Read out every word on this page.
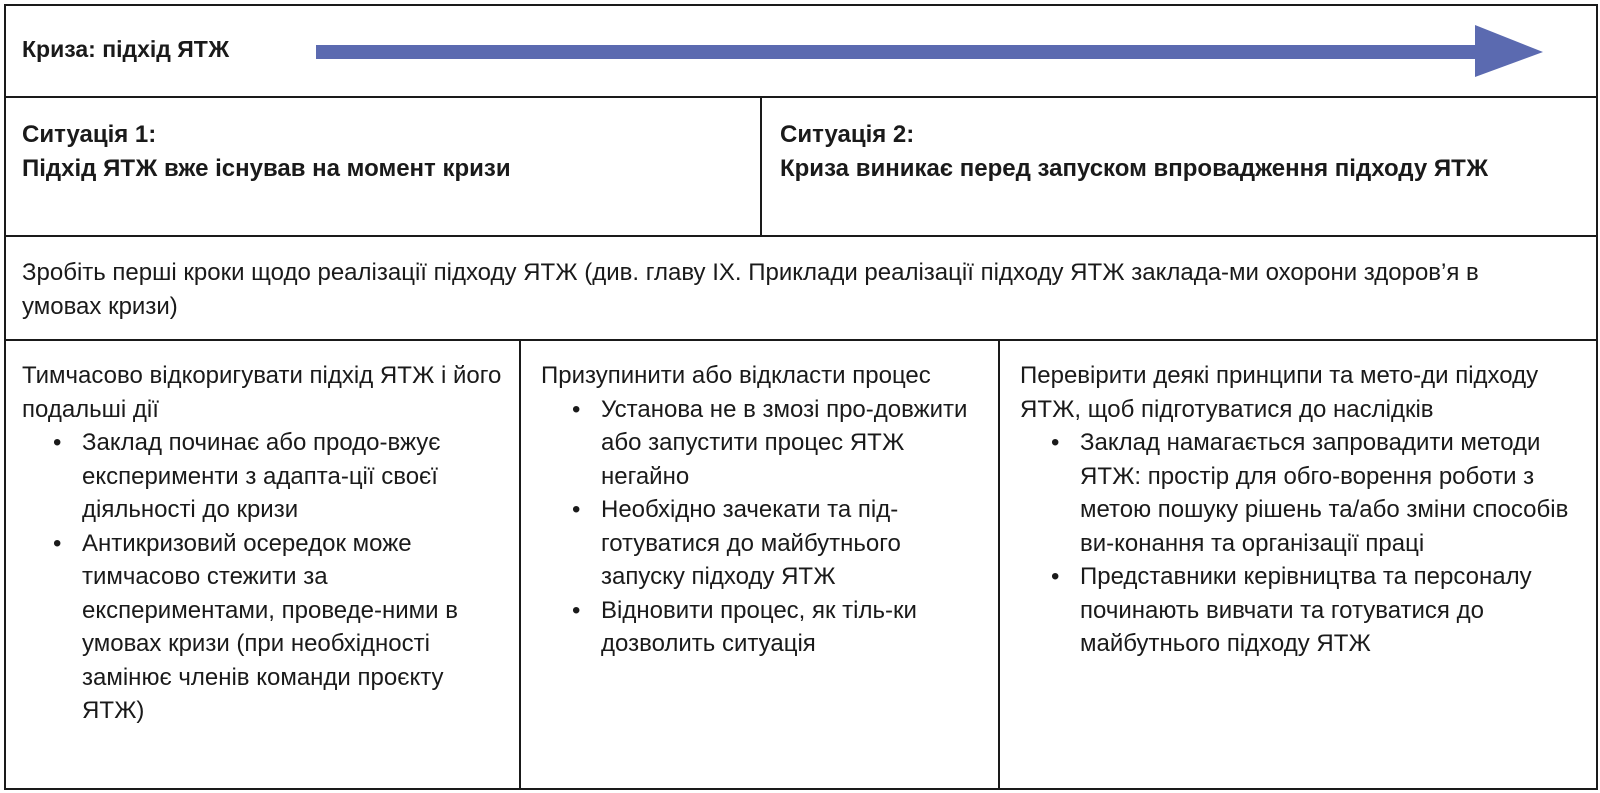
Криза: підхід ЯТЖ
Ситуація 1:
Підхід ЯТЖ вже існував на момент кризи
Ситуація 2:
Криза виникає перед запуском впровадження підходу ЯТЖ
Зробіть перші кроки щодо реалізації підходу ЯТЖ (див. главу IX. Приклади реалізації підходу ЯТЖ заклада-ми охорони здоров’я в умовах кризи)
Тимчасово відкоригувати підхід ЯТЖ і його подальші дії
• Заклад починає або продо-вжує експерименти з адапта-ції своєї діяльності до кризи
• Антикризовий осередок може тимчасово стежити за експериментами, проведе-ними в умовах кризи (при необхідності замінює членів команди проєкту ЯТЖ)
Призупинити або відкласти процес
• Установа не в змозі про-довжити або запустити процес ЯТЖ негайно
• Необхідно зачекати та під-готуватися до майбутнього запуску підходу ЯТЖ
• Відновити процес, як тіль-ки дозволить ситуація
Перевірити деякі принципи та мето-ди підходу ЯТЖ, щоб підготуватися до наслідків
• Заклад намагається запровадити методи ЯТЖ: простір для обго-ворення роботи з метою пошуку рішень та/або зміни способів ви-конання та організації праці
• Представники керівництва та персоналу починають вивчати та готуватися до майбутнього підходу ЯТЖ
